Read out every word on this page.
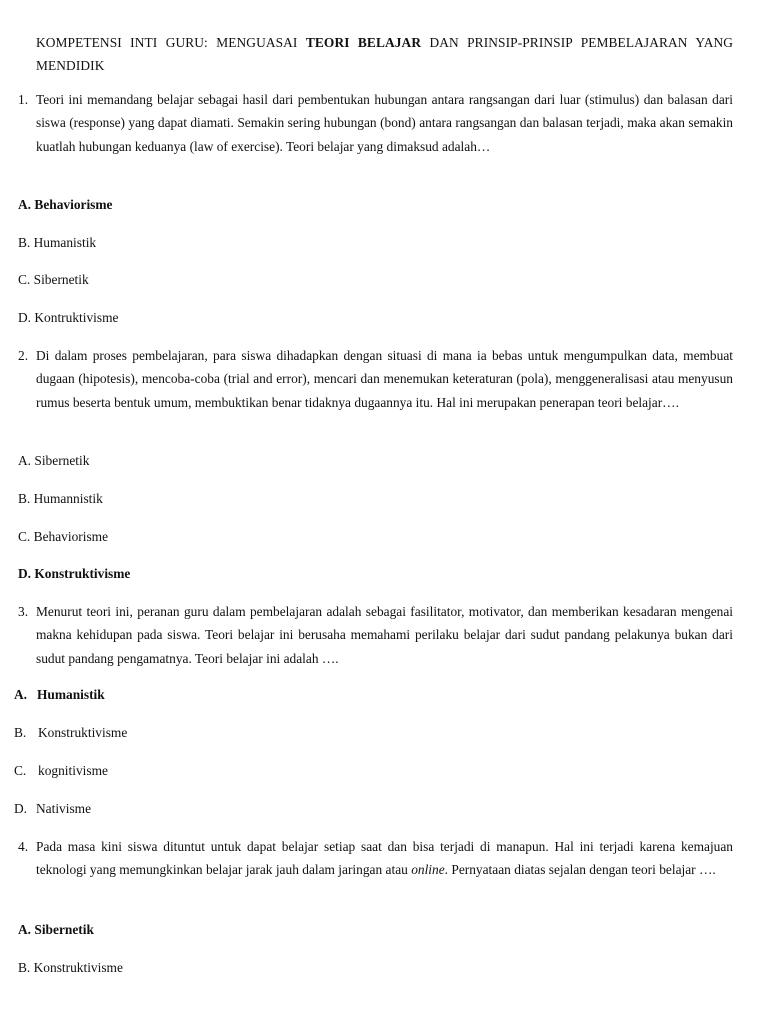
KOMPETENSI INTI GURU: MENGUASAI TEORI BELAJAR DAN PRINSIP-PRINSIP PEMBELAJARAN YANG MENDIDIK
1. Teori ini memandang belajar sebagai hasil dari pembentukan hubungan antara rangsangan dari luar (stimulus) dan balasan dari siswa (response) yang dapat diamati. Semakin sering hubungan (bond) antara rangsangan dan balasan terjadi, maka akan semakin kuatlah hubungan keduanya (law of exercise). Teori belajar yang dimaksud adalah…
A. Behaviorisme
B. Humanistik
C. Sibernetik
D. Kontruktivisme
2. Di dalam proses pembelajaran, para siswa dihadapkan dengan situasi di mana ia bebas untuk mengumpulkan data, membuat dugaan (hipotesis), mencoba-coba (trial and error), mencari dan menemukan keteraturan (pola), menggeneralisasi atau menyusun rumus beserta bentuk umum, membuktikan benar tidaknya dugaannya itu. Hal ini merupakan penerapan teori belajar….
A. Sibernetik
B. Humannistik
C. Behaviorisme
D. Konstruktivisme
3. Menurut teori ini, peranan guru dalam pembelajaran adalah sebagai fasilitator, motivator, dan memberikan kesadaran mengenai makna kehidupan pada siswa. Teori belajar ini berusaha memahami perilaku belajar dari sudut pandang pelakunya bukan dari sudut pandang pengamatnya. Teori belajar ini adalah ….
A. Humanistik
B. Konstruktivisme
C. kognitivisme
D. Nativisme
4. Pada masa kini siswa dituntut untuk dapat belajar setiap saat dan bisa terjadi di manapun. Hal ini terjadi karena kemajuan teknologi yang memungkinkan belajar jarak jauh dalam jaringan atau online. Pernyataan diatas sejalan dengan teori belajar ….
A. Sibernetik
B. Konstruktivisme
